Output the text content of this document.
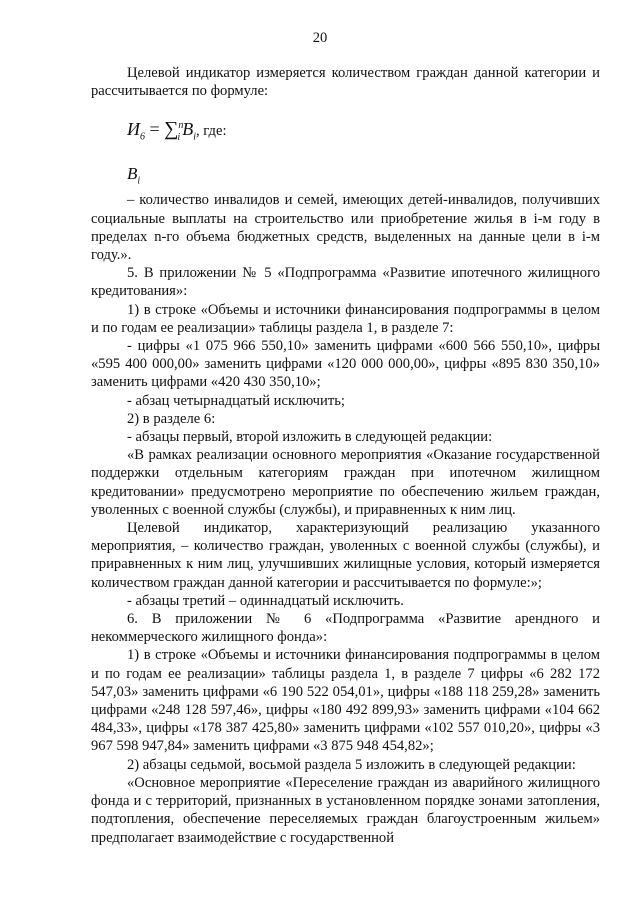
20

Целевой индикатор измеряется количеством граждан данной категории и рассчитывается по формуле:

$И_6 = \sum^n_i$ $B_i$, где:
$B_i$

– количество инвалидов и семей, имеющих детей-инвалидов, получивших социальные выплаты на строительство или приобретение жилья в i-м году в пределах n-го объема бюджетных средств, выделенных на данные цели в i-м году.».

5. В приложении № 5 «Подпрограмма «Развитие ипотечного жилищного кредитования»:

1) в строке «Объемы и источники финансирования подпрограммы в целом и по годам ее реализации» таблицы раздела 1, в разделе 7:

- цифры «1 075 966 550,10» заменить цифрами «600 566 550,10», цифры «595 400 000,00» заменить цифрами «120 000 000,00», цифры «895 830 350,10» заменить цифрами «420 430 350,10»;

- абзац четырнадцатый исключить;

2) в разделе 6:

- абзацы первый, второй изложить в следующей редакции:

«В рамках реализации основного мероприятия «Оказание государственной поддержки отдельным категориям граждан при ипотечном жилищном кредитовании» предусмотрено мероприятие по обеспечению жильем граждан, уволенных с военной службы (службы), и приравненных к ним лиц.

Целевой индикатор, характеризующий реализацию указанного мероприятия, – количество граждан, уволенных с военной службы (службы), и приравненных к ним лиц, улучшивших жилищные условия, который измеряется количеством граждан данной категории и рассчитывается по формуле:»;

- абзацы третий – одиннадцатый исключить.

6. В приложении № 6 «Подпрограмма «Развитие арендного и некоммерческого жилищного фонда»:

1) в строке «Объемы и источники финансирования подпрограммы в целом и по годам ее реализации» таблицы раздела 1, в разделе 7 цифры «6 282 172 547,03» заменить цифрами «6 190 522 054,01», цифры «188 118 259,28» заменить цифрами «248 128 597,46», цифры «180 492 899,93» заменить цифрами «104 662 484,33», цифры «178 387 425,80» заменить цифрами «102 557 010,20», цифры «3 967 598 947,84» заменить цифрами «3 875 948 454,82»;

2) абзацы седьмой, восьмой раздела 5 изложить в следующей редакции:

«Основное мероприятие «Переселение граждан из аварийного жилищного фонда и с территорий, признанных в установленном порядке зонами затопления, подтопления, обеспечение переселяемых граждан благоустроенным жильем» предполагает взаимодействие с государственной
